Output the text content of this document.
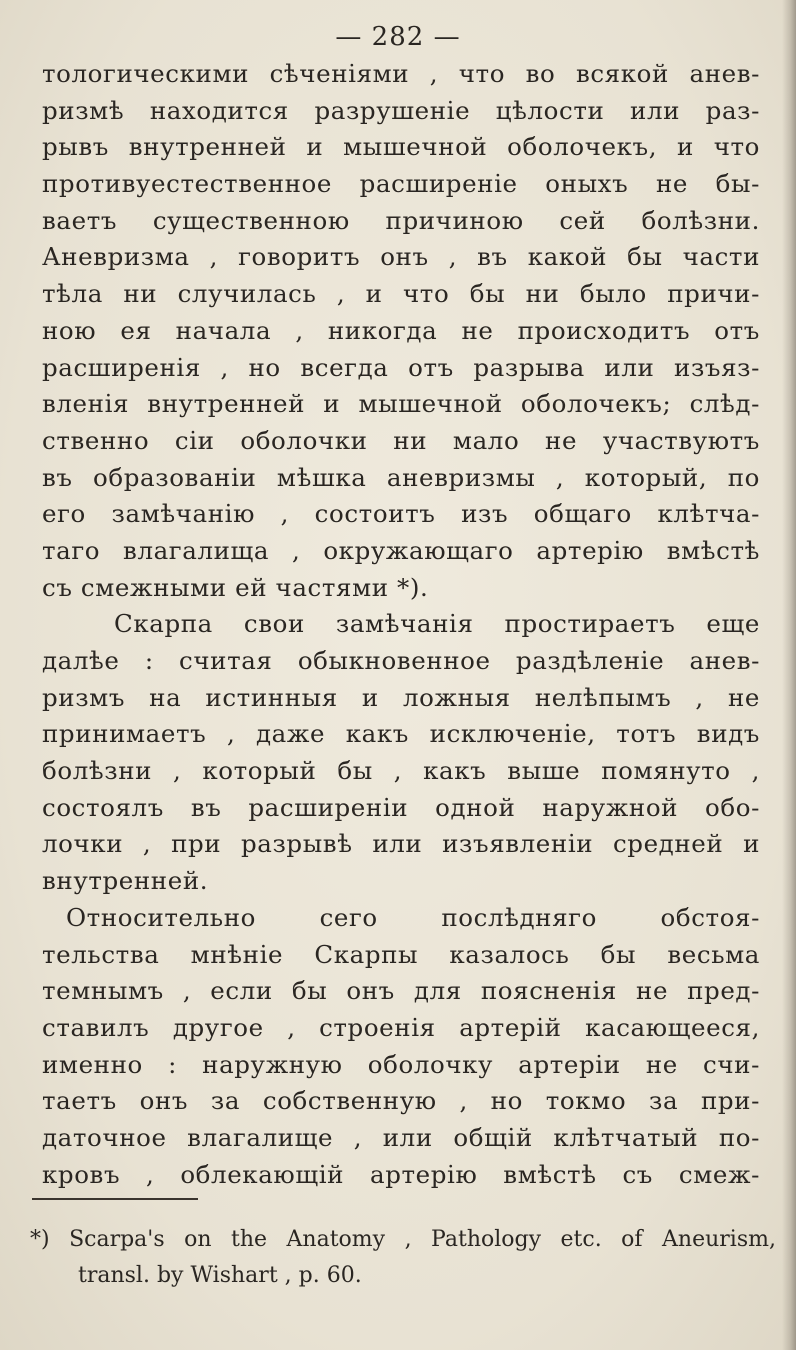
— 282 —
тологическими сѣченіями , что во всякой анев-
ризмѣ находится разрушеніе цѣлости или раз-
рывъ внутренней и мышечной оболочекъ, и что
противуестественное расширеніе оныхъ не бы-
ваетъ существенною причиною сей болѣзни.
Аневризма , говоритъ онъ , въ какой бы части
тѣла ни случилась , и что бы ни было причи-
ною ея начала , никогда не происходитъ отъ
расширенія , но всегда отъ разрыва или изъяз-
вленія внутренней и мышечной оболочекъ; слѣд-
ственно сіи оболочки ни мало не участвуютъ
въ образованіи мѣшка аневризмы , который, по
его замѣчанію , состоитъ изъ общаго клѣтча-
таго влагалища , окружающаго артерію вмѣстѣ
съ смежными ей частями *).
Скарпа свои замѣчанія простираетъ еще
далѣе : считая обыкновенное раздѣленіе анев-
ризмъ на истинныя и ложныя нелѣпымъ , не
принимаетъ , даже какъ исключеніе, тотъ видъ
болѣзни , который бы , какъ выше помянуто ,
состоялъ въ расширеніи одной наружной обо-
лочки , при разрывѣ или изъявленіи средней и
внутренней.
Относительно сего послѣдняго обстоя-
тельства мнѣніе Скарпы казалось бы весьма
темнымъ , если бы онъ для поясненія не пред-
ставилъ другое , строенія артерій касающееся,
именно : наружную оболочку артеріи не счи-
таетъ онъ за собственную , но токмо за при-
даточное влагалище , или общій клѣтчатый по-
кровъ , облекающій артерію вмѣстѣ съ смеж-
*) Scarpa's on the Anatomy , Pathology etc. of Aneurism,
transl. by Wishart , p. 60.
